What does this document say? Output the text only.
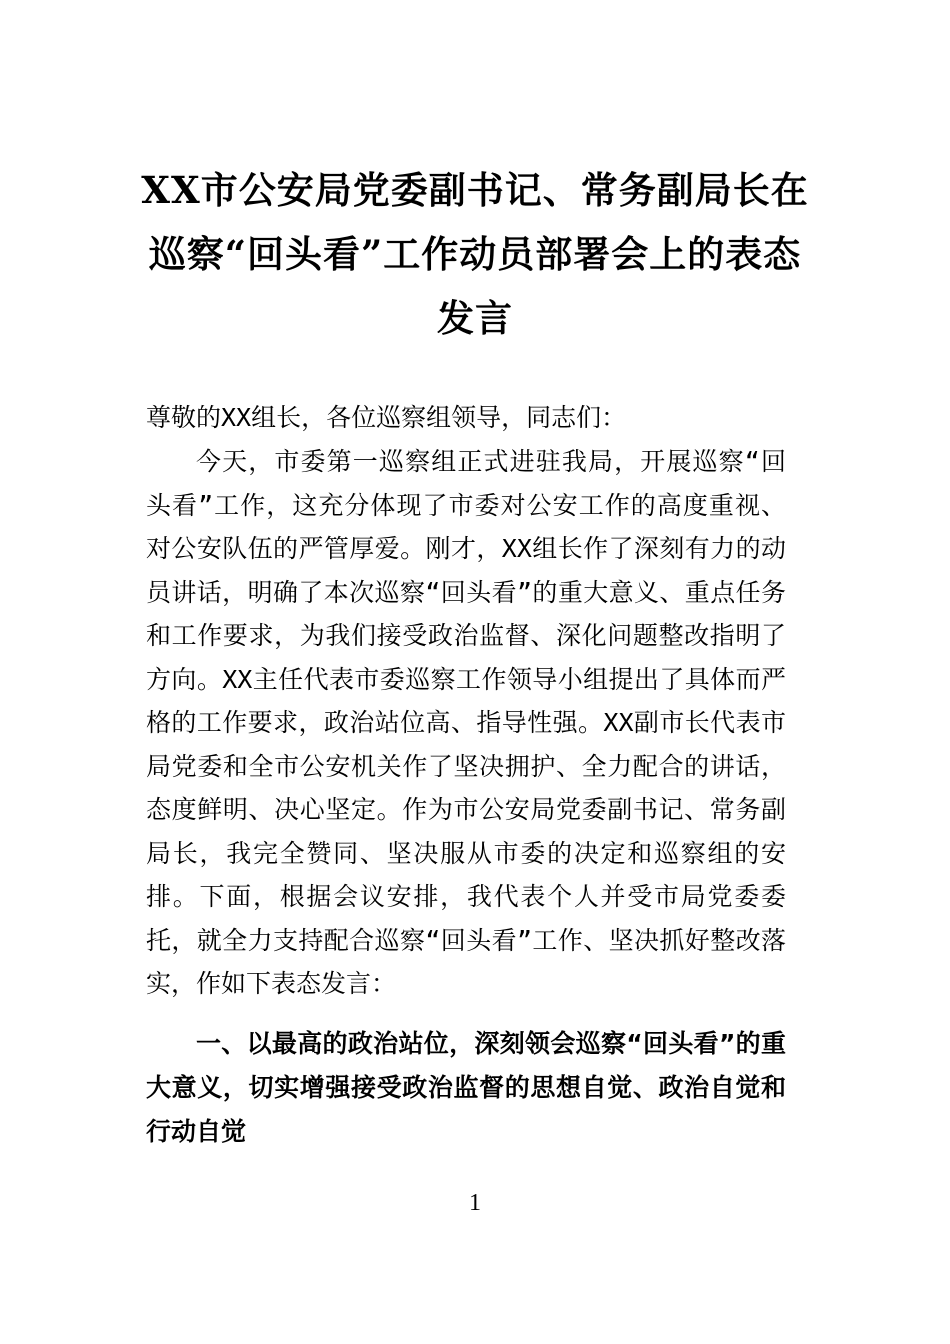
XX市公安局党委副书记、常务副局长在巡察“回头看”工作动员部署会上的表态发言

尊敬的XX组长，各位巡察组领导，同志们：

今天，市委第一巡察组正式进驻我局，开展巡察“回头看”工作，这充分体现了市委对公安工作的高度重视、对公安队伍的严管厚爱。刚才，XX组长作了深刻有力的动员讲话，明确了本次巡察“回头看”的重大意义、重点任务和工作要求，为我们接受政治监督、深化问题整改指明了方向。XX主任代表市委巡察工作领导小组提出了具体而严格的工作要求，政治站位高、指导性强。XX副市长代表市局党委和全市公安机关作了坚决拥护、全力配合的讲话，态度鲜明、决心坚定。作为市公安局党委副书记、常务副局长，我完全赞同、坚决服从市委的决定和巡察组的安排。下面，根据会议安排，我代表个人并受市局党委委托，就全力支持配合巡察“回头看”工作、坚决抓好整改落实，作如下表态发言：

一、以最高的政治站位，深刻领会巡察“回头看”的重大意义，切实增强接受政治监督的思想自觉、政治自觉和行动自觉

1
